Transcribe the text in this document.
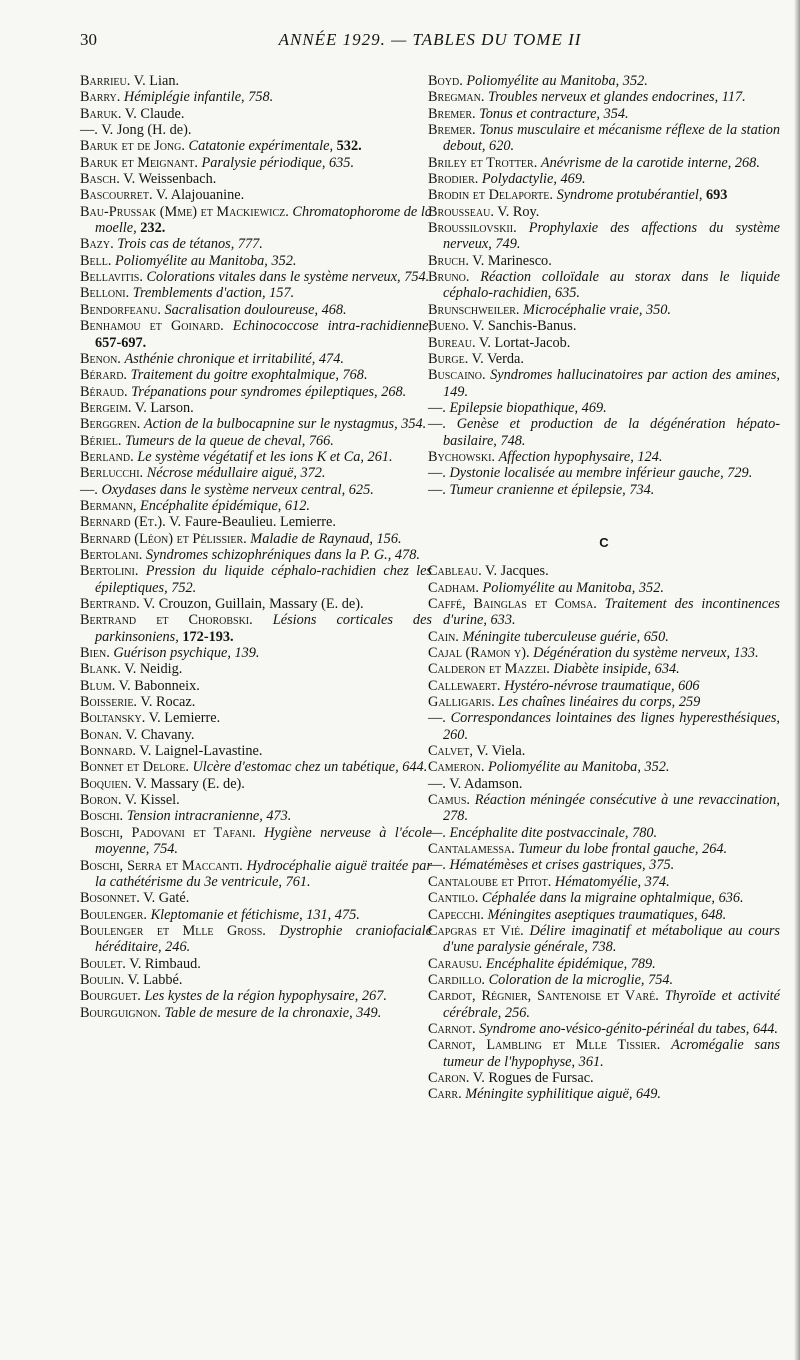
30	ANNÉE 1929. — TABLES DU TOME II

Barrieu. V. Lian.

Barry. Hémiplégie infantile, 758.

Baruk. V. Claude.

—. V. Jong (H. de).

Baruk et de Jong. Catatonie expérimentale, 532.

Baruk et Meignant. Paralysie périodique, 635.

Basch. V. Weissenbach.

Bascourret. V. Alajouanine.

Bau-Prussak (Mme) et Mackiewicz. Chromatophorome de la moelle, 232.

Bazy. Trois cas de tétanos, 777.

Bell. Poliomyélite au Manitoba, 352.

Bellavitis. Colorations vitales dans le système nerveux, 754.

Belloni. Tremblements d'action, 157.

Bendorfeanu. Sacralisation douloureuse, 468.

Benhamou et Goinard. Echinococcose intra-rachidienne, 657-697.

Benon. Asthénie chronique et irritabilité, 474.

Bérard. Traitement du goitre exophtalmique, 768.

Béraud. Trépanations pour syndromes épileptiques, 268.

Bergeim. V. Larson.

Berggren. Action de la bulbocapnine sur le nystagmus, 354.

Bériel. Tumeurs de la queue de cheval, 766.

Berland. Le système végétatif et les ions K et Ca, 261.

Berlucchi. Nécrose médullaire aiguë, 372.

—. Oxydases dans le système nerveux central, 625.

Bermann, Encéphalite épidémique, 612.

Bernard (Et.). V. Faure-Beaulieu. Lemierre.

Bernard (Léon) et Pélissier. Maladie de Raynaud, 156.

Bertolani. Syndromes schizophréniques dans la P. G., 478.

Bertolini. Pression du liquide céphalo-rachidien chez les épileptiques, 752.

Bertrand. V. Crouzon, Guillain, Massary (E. de).

Bertrand et Chorobski. Lésions corticales des parkinsoniens, 172-193.

Bien. Guérison psychique, 139.

Blank. V. Neidig.

Blum. V. Babonneix.

Boisserie. V. Rocaz.

Boltansky. V. Lemierre.

Bonan. V. Chavany.

Bonnard. V. Laignel-Lavastine.

Bonnet et Delore. Ulcère d'estomac chez un tabétique, 644.

Boquien. V. Massary (E. de).

Boron. V. Kissel.

Boschi. Tension intracranienne, 473.

Boschi, Padovani et Tafani. Hygiène nerveuse à l'école moyenne, 754.

Boschi, Serra et Maccanti. Hydrocéphalie aiguë traitée par la cathétérisme du 3e ventricule, 761.

Bosonnet. V. Gaté.

Boulenger. Kleptomanie et fétichisme, 131, 475.

Boulenger et Mlle Gross. Dystrophie craniofaciale héréditaire, 246.

Boulet. V. Rimbaud.

Boulin. V. Labbé.

Bourguet. Les kystes de la région hypophysaire, 267.

Bourguignon. Table de mesure de la chronaxie, 349.

Boyd. Poliomyélite au Manitoba, 352.

Bregman. Troubles nerveux et glandes endocrines, 117.

Bremer. Tonus et contracture, 354.

Bremer. Tonus musculaire et mécanisme réflexe de la station debout, 620.

Briley et Trotter. Anévrisme de la carotide interne, 268.

Brodier. Polydactylie, 469.

Brodin et Delaporte. Syndrome protubérantiel, 693

Brousseau. V. Roy.

Broussilovskii. Prophylaxie des affections du système nerveux, 749.

Bruch. V. Marinesco.

Bruno. Réaction colloïdale au storax dans le liquide céphalo-rachidien, 635.

Brunschweiler. Microcéphalie vraie, 350.

Bueno. V. Sanchis-Banus.

Bureau. V. Lortat-Jacob.

Burge. V. Verda.

Buscaino. Syndromes hallucinatoires par action des amines, 149.

—. Epilepsie biopathique, 469.

—. Genèse et production de la dégénération hépato-basilaire, 748.

Bychowski. Affection hypophysaire, 124.

—. Dystonie localisée au membre inférieur gauche, 729.

—. Tumeur cranienne et épilepsie, 734.

C

Cableau. V. Jacques.

Cadham. Poliomyélite au Manitoba, 352.

Caffé, Bainglas et Comsa. Traitement des incontinences d'urine, 633.

Cain. Méningite tuberculeuse guérie, 650.

Cajal (Ramon y). Dégénération du système nerveux, 133.

Calderon et Mazzei. Diabète insipide, 634.

Callewaert. Hystéro-névrose traumatique, 606

Galligaris. Les chaînes linéaires du corps, 259

—. Correspondances lointaines des lignes hyperesthésiques, 260.

Calvet, V. Viela.

Cameron. Poliomyélite au Manitoba, 352.

—. V. Adamson.

Camus. Réaction méningée consécutive à une revaccination, 278.

—. Encéphalite dite postvaccinale, 780.

Cantalamessa. Tumeur du lobe frontal gauche, 264.

—. Hématémèses et crises gastriques, 375.

Cantaloube et Pitot. Hématomyélie, 374.

Cantilo. Céphalée dans la migraine ophtalmique, 636.

Capecchi. Méningites aseptiques traumatiques, 648.

Capgras et Vié. Délire imaginatif et métabolique au cours d'une paralysie générale, 738.

Carausu. Encéphalite épidémique, 789.

Cardillo. Coloration de la microglie, 754.

Cardot, Régnier, Santenoise et Varé. Thyroïde et activité cérébrale, 256.

Carnot. Syndrome ano-vésico-génito-périnéal du tabes, 644.

Carnot, Lambling et Mlle Tissier. Acromégalie sans tumeur de l'hypophyse, 361.

Caron. V. Rogues de Fursac.

Carr. Méningite syphilitique aiguë, 649.
